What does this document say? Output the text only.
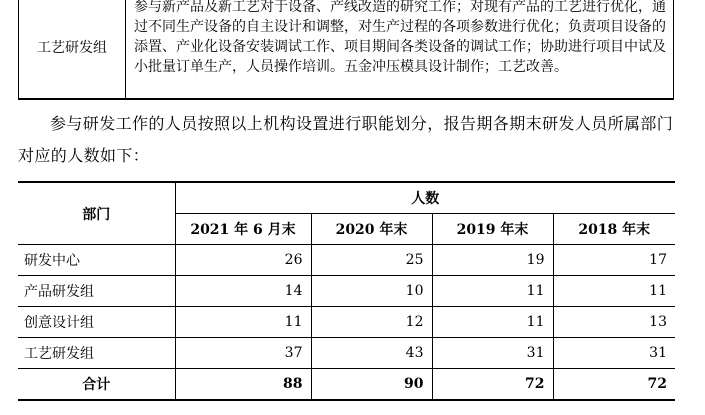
工艺研发组	参与新产品及新工艺对于设备、产线改造的研究工作；对现有产品的工艺进行优化，通过不同生产设备的自主设计和调整，对生产过程的各项参数进行优化；负责项目设备的添置、产业化设备安装调试工作、项目期间各类设备的调试工作；协助进行项目中试及小批量订单生产，人员操作培训。五金冲压模具设计制作；工艺改善。

参与研发工作的人员按照以上机构设置进行职能划分，报告期各期末研发人员所属部门对应的人数如下：

部门	人数			
	2021 年 6 月末	2020 年末	2019 年末	2018 年末
研发中心	26	25	19	17
产品研发组	14	10	11	11
创意设计组	11	12	11	13
工艺研发组	37	43	31	31
合计	88	90	72	72
